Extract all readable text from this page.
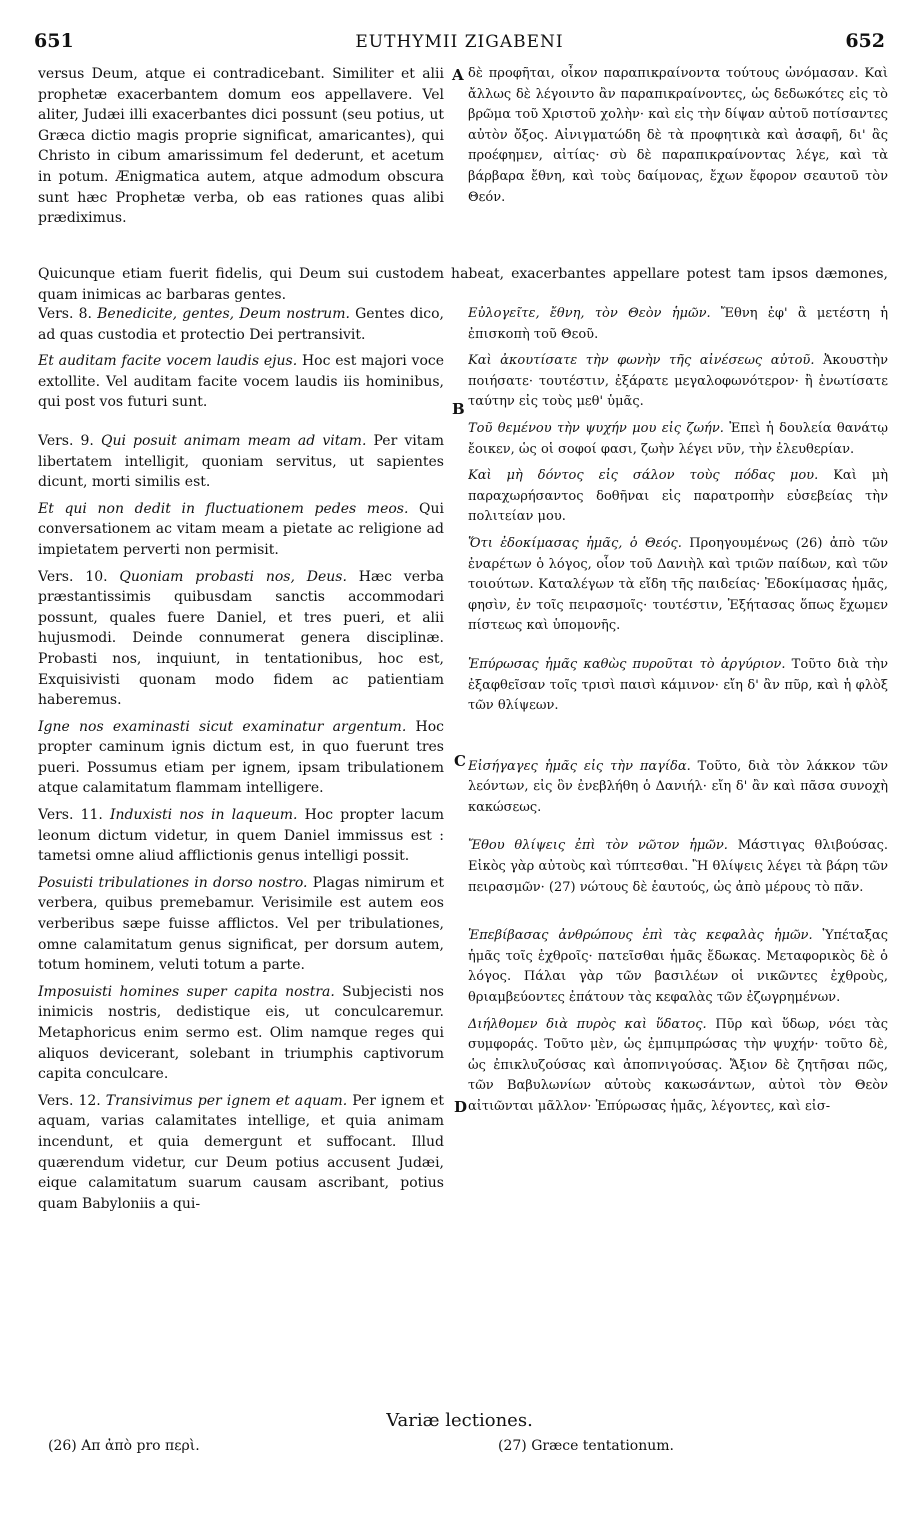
651	EUTHYMII ZIGABENI	652

versus Deum, atque ei contradicebant. Similiter et alii prophetæ exacerbantem domum eos appellavere. Vel aliter, Judæi illi exacerbantes dici possunt (seu potius, ut Græca dictio magis proprie significat, amaricantes), qui Christo in cibum amarissimum fel dederunt, et acetum in potum. Ænigmatica autem, atque admodum obscura sunt hæc Prophetæ verba, ob eas rationes quas alibi prædiximus.

δὲ προφῆται, οἶκον παραπικραίνοντα τούτους ὠνόμασαν. Καὶ ἄλλως δὲ λέγοιντο ἂν παραπικραίνοντες, ὡς δεδωκότες εἰς τὸ βρῶμα τοῦ Χριστοῦ χολὴν· καὶ εἰς τὴν δίψαν αὐτοῦ ποτίσαντες αὐτὸν ὄξος. Αἰνιγματώδη δὲ τὰ προφητικὰ καὶ ἀσαφῆ, δι' ἃς προέφημεν, αἰτίας· σὺ δὲ παραπικραίνοντας λέγε, καὶ τὰ βάρβαρα ἔθνη, καὶ τοὺς δαίμονας, ἔχων ἔφορον σεαυτοῦ τὸν Θεόν.

Quicunque etiam fuerit fidelis, qui Deum sui custodem habeat, exacerbantes appellare potest tam ipsos dæmones, quam inimicas ac barbaras gentes.

Vers. 8. Benedicite, gentes, Deum nostrum. Gentes dico, ad quas custodia et protectio Dei pertransivit.

Et auditam facite vocem laudis ejus. Hoc est majori voce extollite. Vel auditam facite vocem laudis iis hominibus, qui post vos futuri sunt.

Vers. 9. Qui posuit animam meam ad vitam. Per vitam libertatem intelligit, quoniam servitus, ut sapientes dicunt, morti similis est.

Et qui non dedit in fluctuationem pedes meos. Qui conversationem ac vitam meam a pietate ac religione ad impietatem perverti non permisit.

Vers. 10. Quoniam probasti nos, Deus. Hæc verba præstantissimis quibusdam sanctis accommodari possunt, quales fuere Daniel, et tres pueri, et alii hujusmodi. Deinde connumerat genera disciplinæ. Probasti nos, inquiunt, in tentationibus, hoc est, Exquisivisti quonam modo fidem ac patientiam haberemus.

Igne nos examinasti sicut examinatur argentum. Hoc propter caminum ignis dictum est, in quo fuerunt tres pueri. Possumus etiam per ignem, ipsam tribulationem atque calamitatum flammam intelligere.

Vers. 11. Induxisti nos in laqueum. Hoc propter lacum leonum dictum videtur, in quem Daniel immissus est : tametsi omne aliud afflictionis genus intelligi possit.

Posuisti tribulationes in dorso nostro. Plagas nimirum et verbera, quibus premebamur. Verisimile est autem eos verberibus sæpe fuisse afflictos. Vel per tribulationes, omne calamitatum genus significat, per dorsum autem, totum hominem, veluti totum a parte.

Imposuisti homines super capita nostra. Subjecisti nos inimicis nostris, dedistique eis, ut conculcaremur. Metaphoricus enim sermo est. Olim namque reges qui aliquos devicerant, solebant in triumphis captivorum capita conculcare.

Vers. 12. Transivimus per ignem et aquam. Per ignem et aquam, varias calamitates intellige, et quia animam incendunt, et quia demergunt et suffocant. Illud quærendum videtur, cur Deum potius accusent Judæi, eique calamitatum suarum causam ascribant, potius quam Babyloniis a qui-

Εὐλογεῖτε, ἔθνη, τὸν Θεὸν ἡμῶν. Ἔθνη ἐφ' ἃ μετέστη ἡ ἐπισκοπὴ τοῦ Θεοῦ.

Καὶ ἀκουτίσατε τὴν φωνὴν τῆς αἰνέσεως αὐτοῦ. Ἀκουστὴν ποιήσατε· τουτέστιν, ἐξάρατε μεγαλοφωνότερον· ἢ ἐνωτίσατε ταύτην εἰς τοὺς μεθ' ὑμᾶς.

Τοῦ θεμένου τὴν ψυχήν μου εἰς ζωήν. Ἐπεὶ ἡ δουλεία θανάτῳ ἔοικεν, ὡς οἱ σοφοί φασι, ζωὴν λέγει νῦν, τὴν ἐλευθερίαν.

Καὶ μὴ δόντος εἰς σάλον τοὺς πόδας μου. Καὶ μὴ παραχωρήσαντος δοθῆναι εἰς παρατροπὴν εὐσεβείας τὴν πολιτείαν μου.

Ὅτι ἐδοκίμασας ἡμᾶς, ὁ Θεός. Προηγουμένως (26) ἀπὸ τῶν ἐναρέτων ὁ λόγος, οἷον τοῦ Δανιὴλ καὶ τριῶν παίδων, καὶ τῶν τοιούτων. Καταλέγων τὰ εἴδη τῆς παιδείας· Ἐδοκίμασας ἡμᾶς, φησὶν, ἐν τοῖς πειρασμοῖς· τουτέστιν, Ἐξήτασας ὅπως ἔχωμεν πίστεως καὶ ὑπομονῆς.

Ἐπύρωσας ἡμᾶς καθὼς πυροῦται τὸ ἀργύριον. Τοῦτο διὰ τὴν ἐξαφθεῖσαν τοῖς τρισὶ παισὶ κάμινον· εἴη δ' ἂν πῦρ, καὶ ἡ φλὸξ τῶν θλίψεων.

Εἰσήγαγες ἡμᾶς εἰς τὴν παγίδα. Τοῦτο, διὰ τὸν λάκκον τῶν λεόντων, εἰς ὃν ἐνεβλήθη ὁ Δανιήλ· εἴη δ' ἂν καὶ πᾶσα συνοχὴ κακώσεως.

Ἔθου θλίψεις ἐπὶ τὸν νῶτον ἡμῶν. Μάστιγας θλιβούσας. Εἰκὸς γὰρ αὐτοὺς καὶ τύπτεσθαι. Ἢ θλίψεις λέγει τὰ βάρη τῶν πειρασμῶν· (27) νώτους δὲ ἑαυτούς, ὡς ἀπὸ μέρους τὸ πᾶν.

Ἐπεβίβασας ἀνθρώπους ἐπὶ τὰς κεφαλὰς ἡμῶν. Ὑπέταξας ἡμᾶς τοῖς ἐχθροῖς· πατεῖσθαι ἡμᾶς ἔδωκας. Μεταφορικὸς δὲ ὁ λόγος. Πάλαι γὰρ τῶν βασιλέων οἱ νικῶντες ἐχθροὺς, θριαμβεύοντες ἐπάτουν τὰς κεφαλὰς τῶν ἐζωγρημένων.

Διήλθομεν διὰ πυρὸς καὶ ὕδατος. Πῦρ καὶ ὕδωρ, νόει τὰς συμφοράς. Τοῦτο μὲν, ὡς ἐμπιμπρώσας τὴν ψυχήν· τοῦτο δὲ, ὡς ἐπικλυζούσας καὶ ἀποπνιγούσας. Ἄξιον δὲ ζητῆσαι πῶς, τῶν Βαβυλωνίων αὐτοὺς κακωσάντων, αὐτοὶ τὸν Θεὸν αἰτιῶνται μᾶλλον· Ἐπύρωσας ἡμᾶς, λέγοντες, καὶ εἰσ-

A
B
C
D
Variæ lectiones.
(26) Aπ ἀπὸ pro περὶ.	(27) Græce tentationum.
